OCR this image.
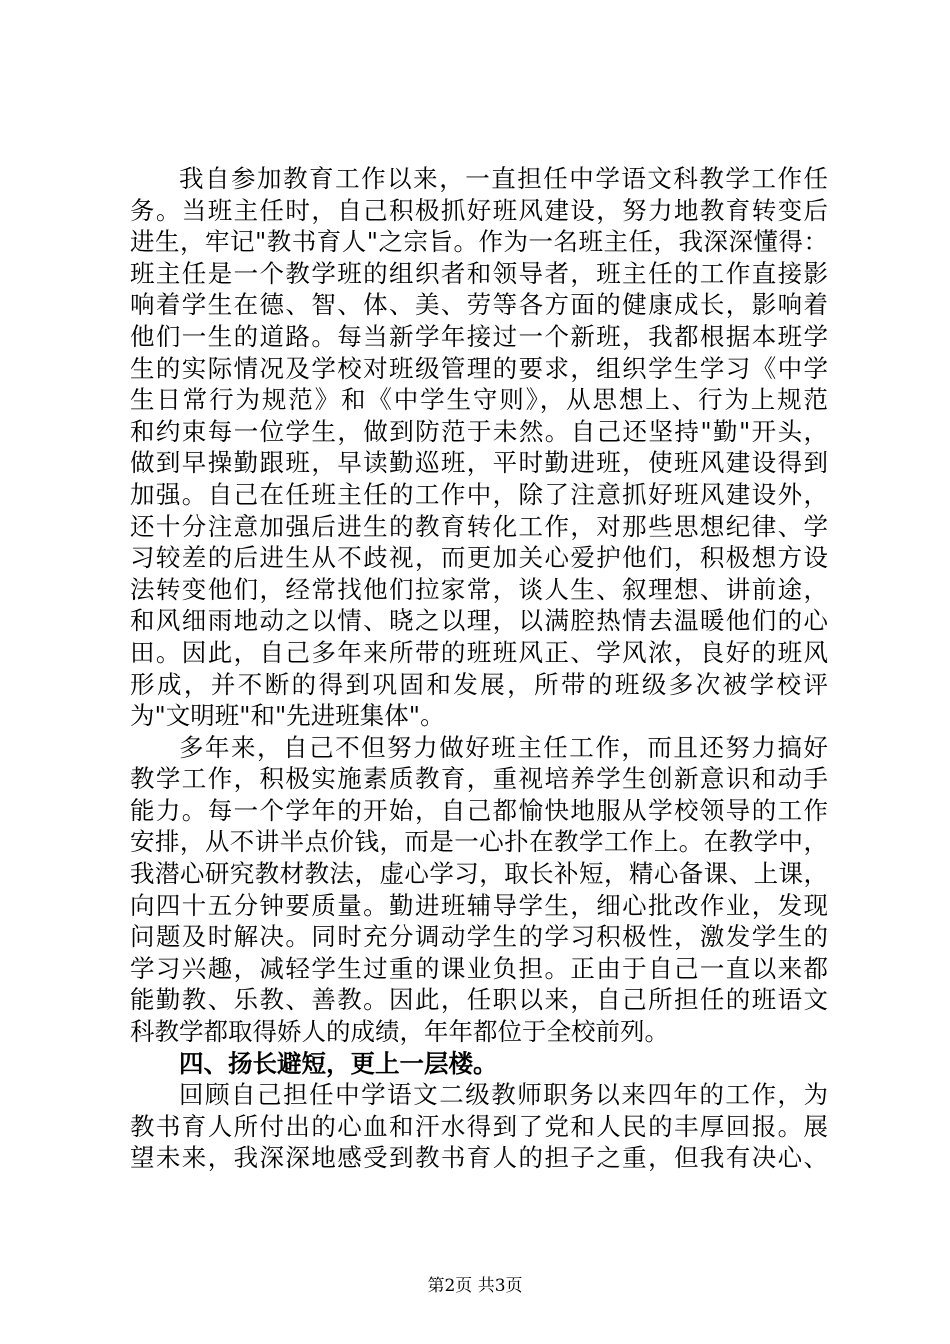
我自参加教育工作以来，一直担任中学语文科教学工作任
务。当班主任时，自己积极抓好班风建设，努力地教育转变后
进生，牢记"教书育人"之宗旨。作为一名班主任，我深深懂得：
班主任是一个教学班的组织者和领导者，班主任的工作直接影
响着学生在德、智、体、美、劳等各方面的健康成长，影响着
他们一生的道路。每当新学年接过一个新班，我都根据本班学
生的实际情况及学校对班级管理的要求，组织学生学习《中学
生日常行为规范》和《中学生守则》，从思想上、行为上规范
和约束每一位学生，做到防范于未然。自己还坚持"勤"开头，
做到早操勤跟班，早读勤巡班，平时勤进班，使班风建设得到
加强。自己在任班主任的工作中，除了注意抓好班风建设外，
还十分注意加强后进生的教育转化工作，对那些思想纪律、学
习较差的后进生从不歧视，而更加关心爱护他们，积极想方设
法转变他们，经常找他们拉家常，谈人生、叙理想、讲前途，
和风细雨地动之以情、晓之以理，以满腔热情去温暖他们的心
田。因此，自己多年来所带的班班风正、学风浓，良好的班风
形成，并不断的得到巩固和发展，所带的班级多次被学校评
为"文明班"和"先进班集体"。
多年来，自己不但努力做好班主任工作，而且还努力搞好
教学工作，积极实施素质教育，重视培养学生创新意识和动手
能力。每一个学年的开始，自己都愉快地服从学校领导的工作
安排，从不讲半点价钱，而是一心扑在教学工作上。在教学中，
我潜心研究教材教法，虚心学习，取长补短，精心备课、上课，
向四十五分钟要质量。勤进班辅导学生，细心批改作业，发现
问题及时解决。同时充分调动学生的学习积极性，激发学生的
学习兴趣，减轻学生过重的课业负担。正由于自己一直以来都
能勤教、乐教、善教。因此，任职以来，自己所担任的班语文
科教学都取得娇人的成绩，年年都位于全校前列。
四、扬长避短，更上一层楼。
回顾自己担任中学语文二级教师职务以来四年的工作，为
教书育人所付出的心血和汗水得到了党和人民的丰厚回报。展
望未来，我深深地感受到教书育人的担子之重，但我有决心、
第2页 共3页
